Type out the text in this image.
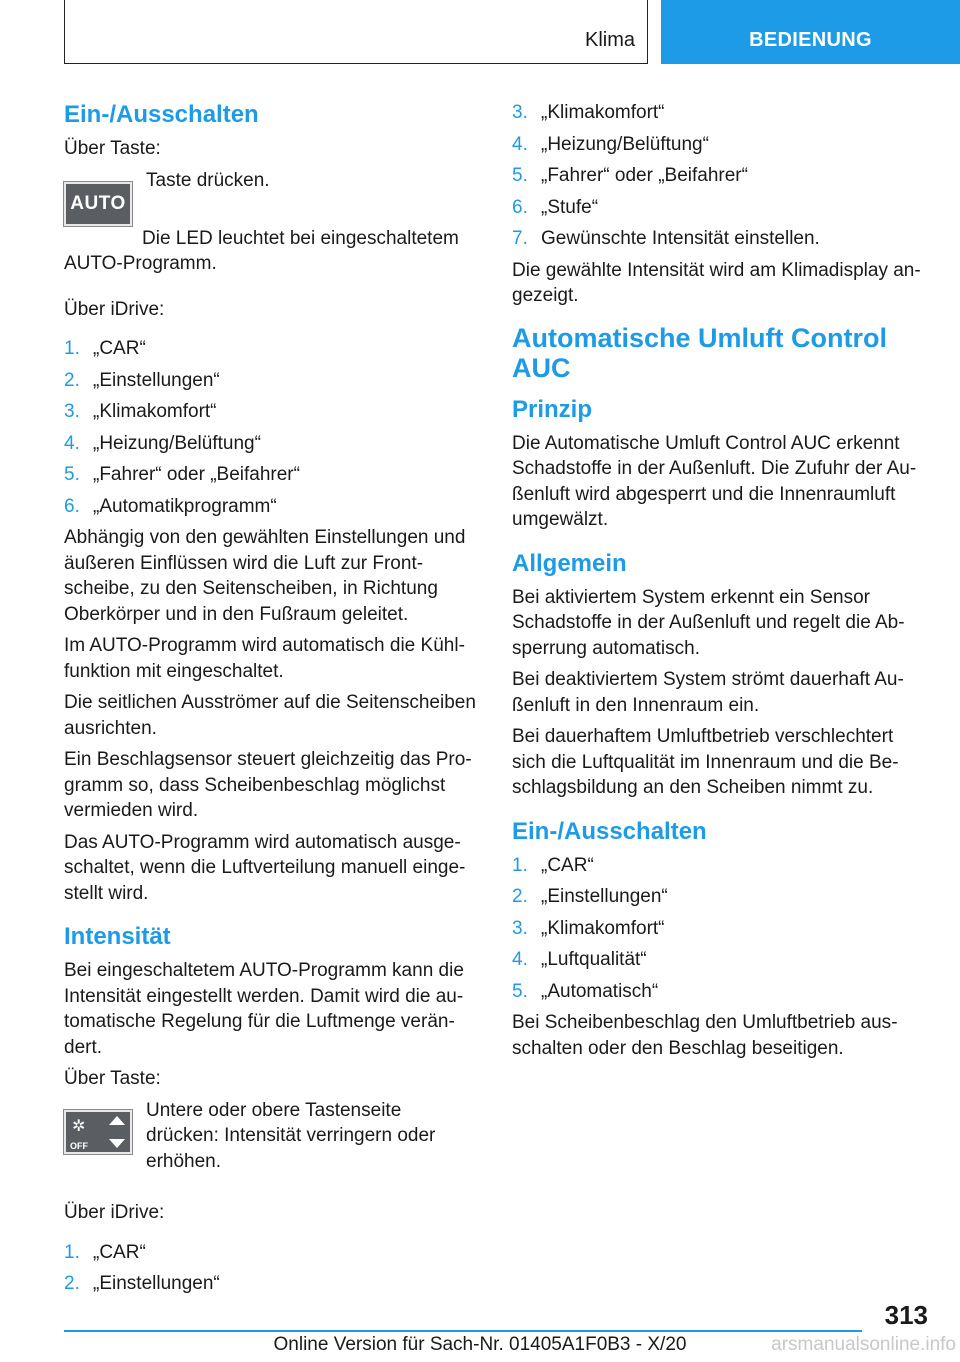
Klima	BEDIENUNG
Ein-/Ausschalten

Über Taste:

AUTO

Taste drücken.

Die LED leuchtet bei eingeschaltetem AUTO-Programm.

Über iDrive:

1. „CAR“
2. „Einstellungen“
3. „Klimakomfort“
4. „Heizung/Belüftung“
5. „Fahrer“ oder „Beifahrer“
6. „Automatikprogramm“

Abhängig von den gewählten Einstellungen und äußeren Einflüssen wird die Luft zur Frontscheibe, zu den Seitenscheiben, in Richtung Oberkörper und in den Fußraum geleitet.

Im AUTO-Programm wird automatisch die Kühlfunktion mit eingeschaltet.

Die seitlichen Ausströmer auf die Seitenscheiben ausrichten.

Ein Beschlagsensor steuert gleichzeitig das Programm so, dass Scheibenbeschlag möglichst vermieden wird.

Das AUTO-Programm wird automatisch ausgeschaltet, wenn die Luftverteilung manuell eingestellt wird.

Intensität

Bei eingeschaltetem AUTO-Programm kann die Intensität eingestellt werden. Damit wird die automatische Regelung für die Luftmenge verändert.

Über Taste:

✲
OFF

Untere oder obere Tastenseite drücken: Intensität verringern oder erhöhen.

Über iDrive:

1. „CAR“
2. „Einstellungen“
3. „Klimakomfort“
4. „Heizung/Belüftung“
5. „Fahrer“ oder „Beifahrer“
6. „Stufe“
7. Gewünschte Intensität einstellen.

Die gewählte Intensität wird am Klimadisplay angezeigt.

Automatische Umluft Control AUC
Prinzip

Die Automatische Umluft Control AUC erkennt Schadstoffe in der Außenluft. Die Zufuhr der Außenluft wird abgesperrt und die Innenraumluft umgewälzt.

Allgemein

Bei aktiviertem System erkennt ein Sensor Schadstoffe in der Außenluft und regelt die Absperrung automatisch.

Bei deaktiviertem System strömt dauerhaft Außenluft in den Innenraum ein.

Bei dauerhaftem Umluftbetrieb verschlechtert sich die Luftqualität im Innenraum und die Beschlagsbildung an den Scheiben nimmt zu.

Ein-/Ausschalten
1. „CAR“
2. „Einstellungen“
3. „Klimakomfort“
4. „Luftqualität“
5. „Automatisch“

Bei Scheibenbeschlag den Umluftbetrieb ausschalten oder den Beschlag beseitigen.

313
Online Version für Sach-Nr. 01405A1F0B3 - X/20	arsmanualsonline.info
